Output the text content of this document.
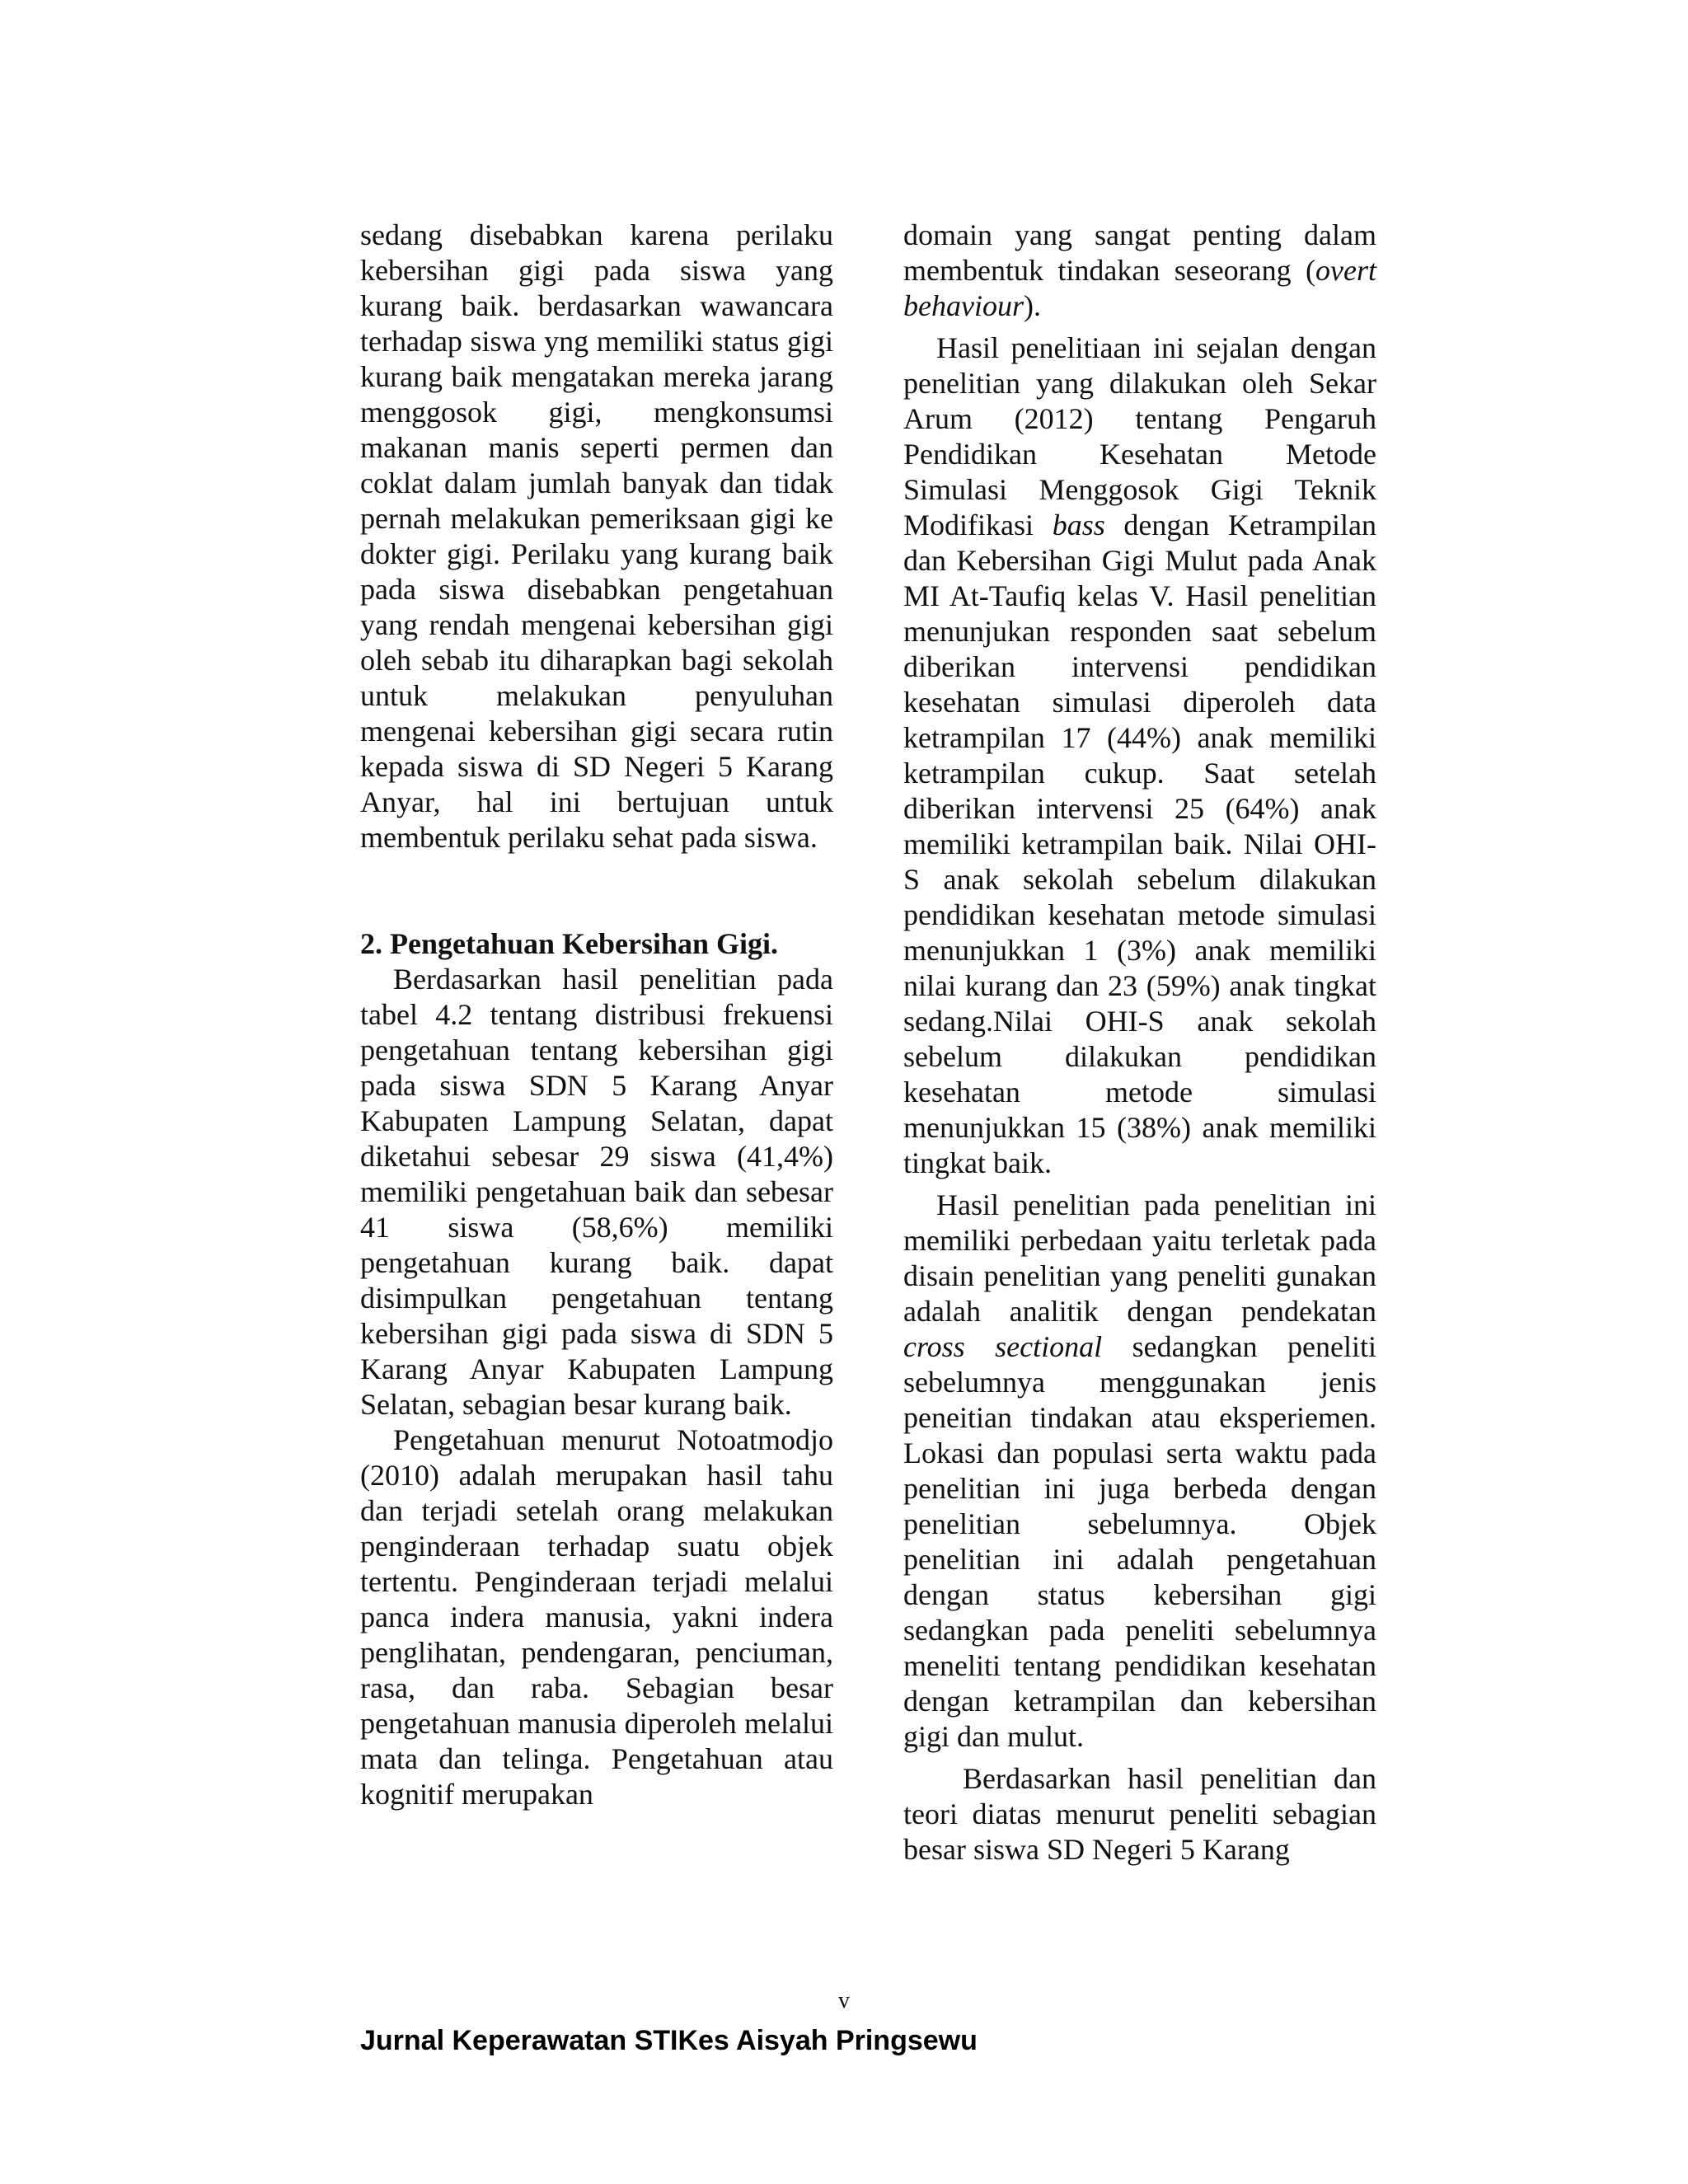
sedang disebabkan karena perilaku kebersihan gigi pada siswa yang kurang baik. berdasarkan wawancara terhadap siswa yng memiliki status gigi kurang baik mengatakan mereka jarang menggosok gigi, mengkonsumsi makanan manis seperti permen dan coklat dalam jumlah banyak dan tidak pernah melakukan pemeriksaan gigi ke dokter gigi. Perilaku yang kurang baik pada siswa disebabkan pengetahuan yang rendah mengenai kebersihan gigi oleh sebab itu diharapkan bagi sekolah untuk melakukan penyuluhan mengenai kebersihan gigi secara rutin kepada siswa di SD Negeri 5 Karang Anyar, hal ini bertujuan untuk membentuk perilaku sehat pada siswa.

2. Pengetahuan Kebersihan Gigi.

Berdasarkan hasil penelitian pada tabel 4.2 tentang distribusi frekuensi pengetahuan tentang kebersihan gigi pada siswa SDN 5 Karang Anyar Kabupaten Lampung Selatan, dapat diketahui sebesar 29 siswa (41,4%) memiliki pengetahuan baik dan sebesar 41 siswa (58,6%) memiliki pengetahuan kurang baik. dapat disimpulkan pengetahuan tentang kebersihan gigi pada siswa di SDN 5 Karang Anyar Kabupaten Lampung Selatan, sebagian besar kurang baik.

Pengetahuan menurut Notoatmodjo (2010) adalah merupakan hasil tahu dan terjadi setelah orang melakukan penginderaan terhadap suatu objek tertentu. Penginderaan terjadi melalui panca indera manusia, yakni indera penglihatan, pendengaran, penciuman, rasa, dan raba. Sebagian besar pengetahuan manusia diperoleh melalui mata dan telinga. Pengetahuan atau kognitif merupakan

domain yang sangat penting dalam membentuk tindakan seseorang (overt behaviour).

Hasil penelitiaan ini sejalan dengan penelitian yang dilakukan oleh Sekar Arum (2012) tentang Pengaruh Pendidikan Kesehatan Metode Simulasi Menggosok Gigi Teknik Modifikasi bass dengan Ketrampilan dan Kebersihan Gigi Mulut pada Anak MI At-Taufiq kelas V. Hasil penelitian menunjukan responden saat sebelum diberikan intervensi pendidikan kesehatan simulasi diperoleh data ketrampilan 17 (44%) anak memiliki ketrampilan cukup. Saat setelah diberikan intervensi 25 (64%) anak memiliki ketrampilan baik. Nilai OHI-S anak sekolah sebelum dilakukan pendidikan kesehatan metode simulasi menunjukkan 1 (3%) anak memiliki nilai kurang dan 23 (59%) anak tingkat sedang.Nilai OHI-S anak sekolah sebelum dilakukan pendidikan kesehatan metode simulasi menunjukkan 15 (38%) anak memiliki tingkat baik.

Hasil penelitian pada penelitian ini memiliki perbedaan yaitu terletak pada disain penelitian yang peneliti gunakan adalah analitik dengan pendekatan cross sectional sedangkan peneliti sebelumnya menggunakan jenis peneitian tindakan atau eksperiemen. Lokasi dan populasi serta waktu pada penelitian ini juga berbeda dengan penelitian sebelumnya. Objek penelitian ini adalah pengetahuan dengan status kebersihan gigi sedangkan pada peneliti sebelumnya meneliti tentang pendidikan kesehatan dengan ketrampilan dan kebersihan gigi dan mulut.

Berdasarkan hasil penelitian dan teori diatas menurut peneliti sebagian besar siswa SD Negeri 5 Karang

v
Jurnal Keperawatan STIKes Aisyah Pringsewu
